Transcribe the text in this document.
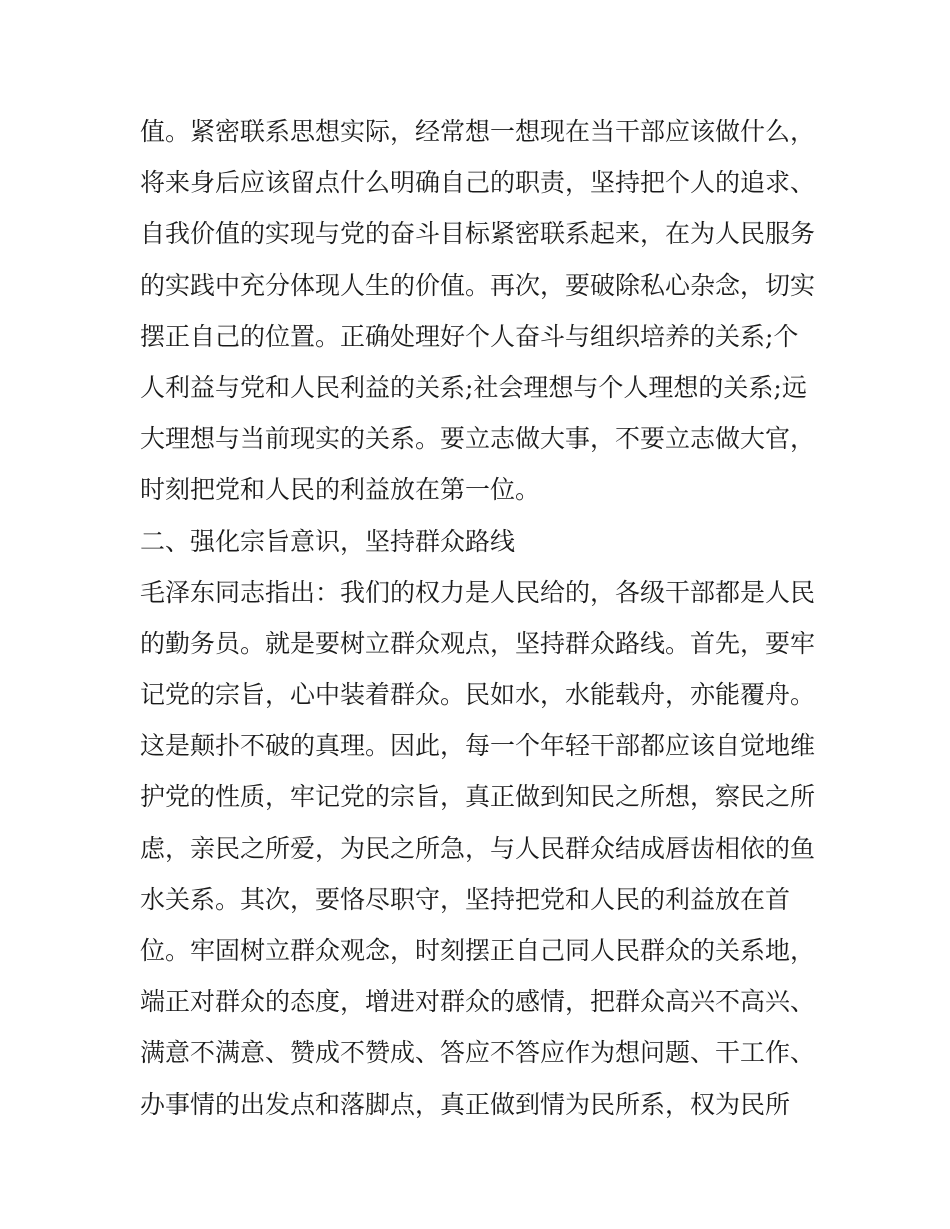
值。紧密联系思想实际，经常想一想现在当干部应该做什么，
将来身后应该留点什么明确自己的职责，坚持把个人的追求、
自我价值的实现与党的奋斗目标紧密联系起来，在为人民服务
的实践中充分体现人生的价值。再次，要破除私心杂念，切实
摆正自己的位置。正确处理好个人奋斗与组织培养的关系;个
人利益与党和人民利益的关系;社会理想与个人理想的关系;远
大理想与当前现实的关系。要立志做大事，不要立志做大官，
时刻把党和人民的利益放在第一位。
二、强化宗旨意识，坚持群众路线
毛泽东同志指出：我们的权力是人民给的，各级干部都是人民
的勤务员。就是要树立群众观点，坚持群众路线。首先，要牢
记党的宗旨，心中装着群众。民如水，水能载舟，亦能覆舟。
这是颠扑不破的真理。因此，每一个年轻干部都应该自觉地维
护党的性质，牢记党的宗旨，真正做到知民之所想，察民之所
虑，亲民之所爱，为民之所急，与人民群众结成唇齿相依的鱼
水关系。其次，要恪尽职守，坚持把党和人民的利益放在首
位。牢固树立群众观念，时刻摆正自己同人民群众的关系地，
端正对群众的态度，增进对群众的感情，把群众高兴不高兴、
满意不满意、赞成不赞成、答应不答应作为想问题、干工作、
办事情的出发点和落脚点，真正做到情为民所系，权为民所
